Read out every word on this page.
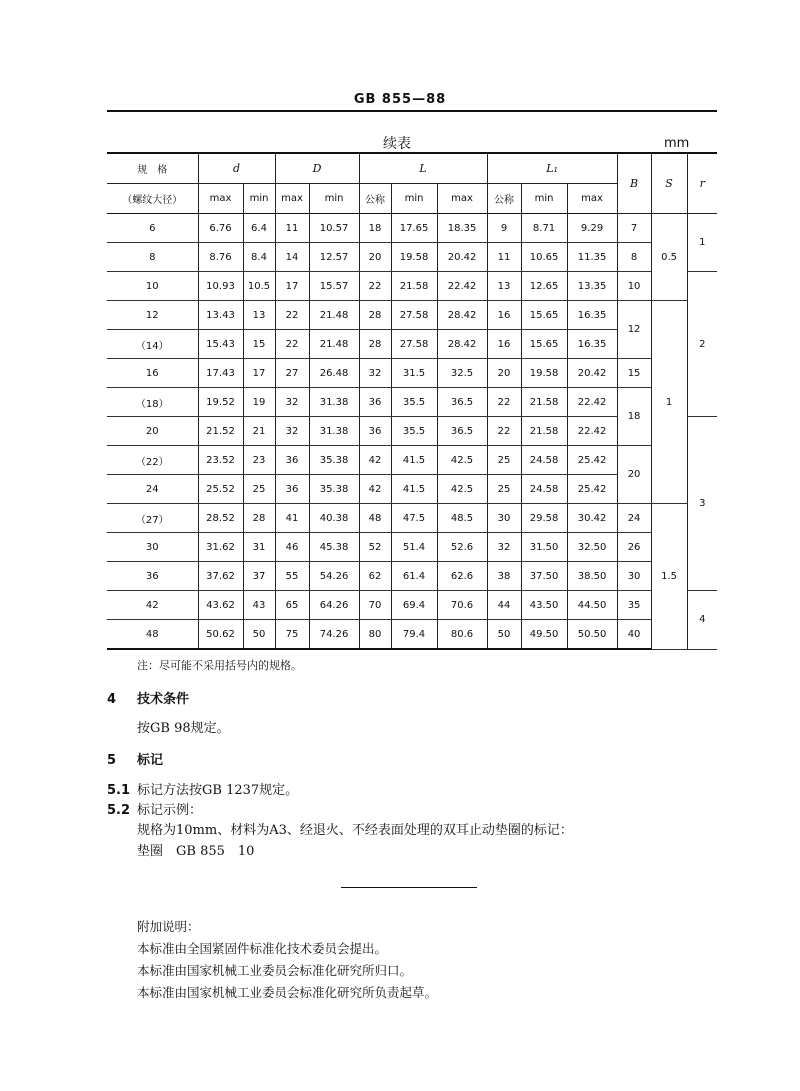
GB 855—88
续表	mm
规　格	d		D		L			L₁			B	S	r
（螺纹大径）	max	min	max	min	公称	min	max	公称	min	max			
6	6.76	6.4	11	10.57	18	17.65	18.35	9	8.71	9.29	7	0.5	1
8	8.76	8.4	14	12.57	20	19.58	20.42	11	10.65	11.35	8		
10	10.93	10.5	17	15.57	22	21.58	22.42	13	12.65	13.35	10		2
12	13.43	13	22	21.48	28	27.58	28.42	16	15.65	16.35	12	1	
（14）	15.43	15	22	21.48	28	27.58	28.42	16	15.65	16.35			
16	17.43	17	27	26.48	32	31.5	32.5	20	19.58	20.42	15		
（18）	19.52	19	32	31.38	36	35.5	36.5	22	21.58	22.42	18		
20	21.52	21	32	31.38	36	35.5	36.5	22	21.58	22.42			3
（22）	23.52	23	36	35.38	42	41.5	42.5	25	24.58	25.42	20		
24	25.52	25	36	35.38	42	41.5	42.5	25	24.58	25.42			
（27）	28.52	28	41	40.38	48	47.5	48.5	30	29.58	30.42	24	1.5	
30	31.62	31	46	45.38	52	51.4	52.6	32	31.50	32.50	26		
36	37.62	37	55	54.26	62	61.4	62.6	38	37.50	38.50	30		
42	43.62	43	65	64.26	70	69.4	70.6	44	43.50	44.50	35		4
48	50.62	50	75	74.26	80	79.4	80.6	50	49.50	50.50	40		
注：尽可能不采用括号内的规格。
4 技术条件
按GB 98规定。
5 标记
5.1 标记方法按GB 1237规定。
5.2 标记示例：
规格为10mm、材料为A3、经退火、不经表面处理的双耳止动垫圈的标记：
垫圈　GB 855　10
附加说明：
本标准由全国紧固件标准化技术委员会提出。
本标准由国家机械工业委员会标准化研究所归口。
本标准由国家机械工业委员会标准化研究所负责起草。
